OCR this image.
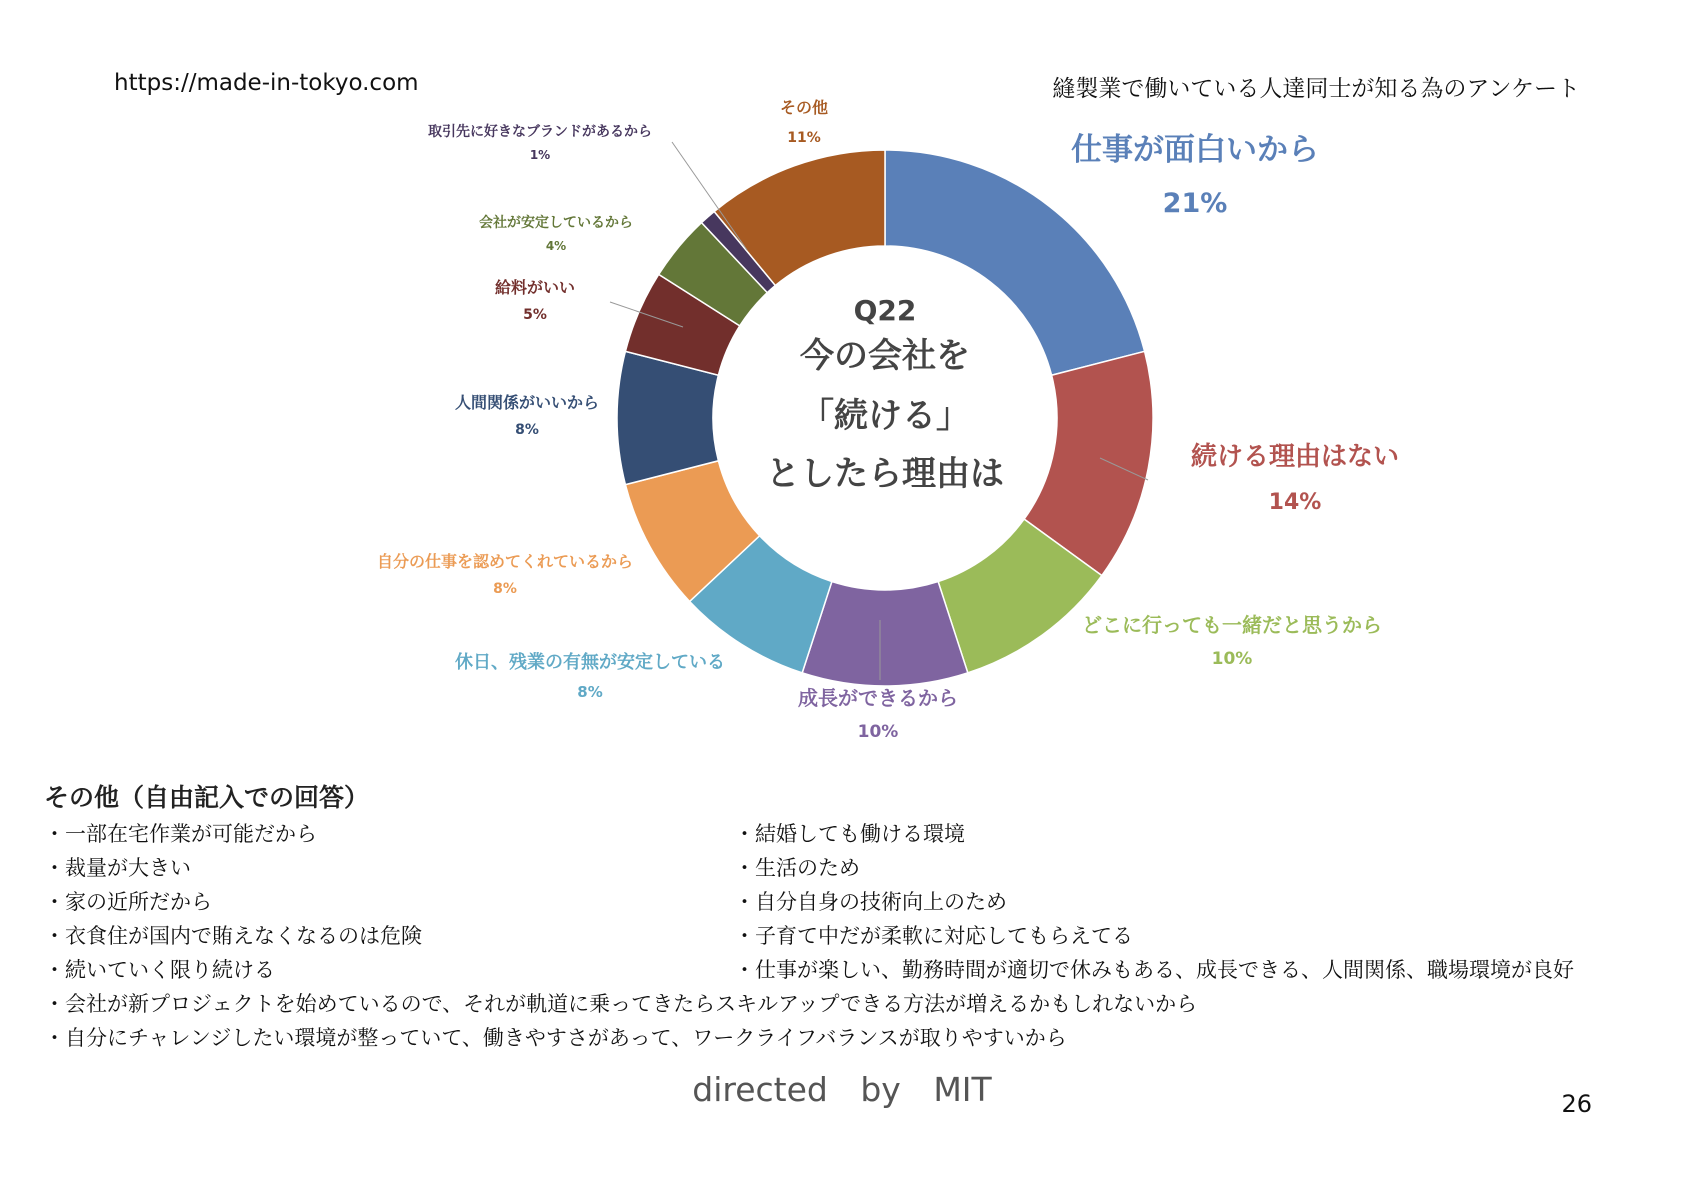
https://made-in-tokyo.com	縫製業で働いている人達同士が知る為のアンケート
Q22
今の会社を
「続ける」
としたら理由は
仕事が面白いから
21%
続ける理由はない
14%
どこに行っても一緒だと思うから
10%
成長ができるから
10%
休日、残業の有無が安定している
8%
自分の仕事を認めてくれているから
8%
人間関係がいいから
8%
給料がいい
5%
会社が安定しているから
4%
取引先に好きなブランドがあるから
1%
その他
11%
その他（自由記入での回答）
・一部在宅作業が可能だから
・裁量が大きい
・家の近所だから
・衣食住が国内で賄えなくなるのは危険
・続いていく限り続ける
・結婚しても働ける環境
・生活のため
・自分自身の技術向上のため
・子育て中だが柔軟に対応してもらえてる
・仕事が楽しい、勤務時間が適切で休みもある、成長できる、人間関係、職場環境が良好
・会社が新プロジェクトを始めているので、それが軌道に乗ってきたらスキルアップできる方法が増えるかもしれないから
・自分にチャレンジしたい環境が整っていて、働きやすさがあって、ワークライフバランスが取りやすいから
directed by MIT	26
